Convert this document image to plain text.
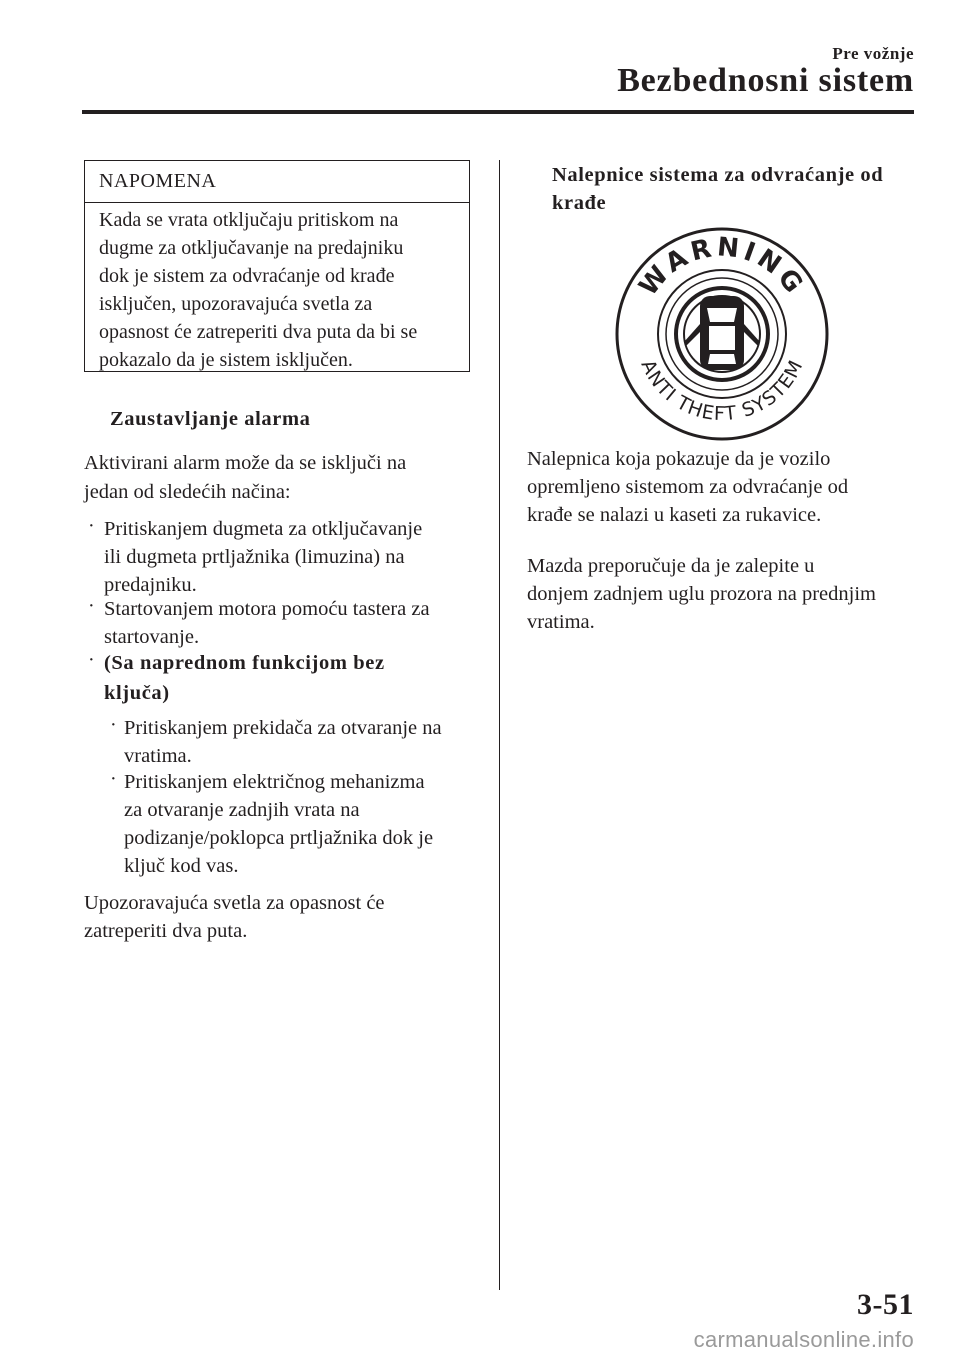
Pre vožnje
Bezbednosni sistem
NAPOMENA
Kada se vrata otključaju pritiskom na
dugme za otključavanje na predajniku
dok je sistem za odvraćanje od krađe
isključen, upozoravajuća svetla za
opasnost će zatreperiti dva puta da bi se
pokazalo da je sistem isključen.
Zaustavljanje alarma
Aktivirani alarm može da se isključi na
jedan od sledećih načina:
· Pritiskanjem dugmeta za otključavanje
ili dugmeta prtljažnika (limuzina) na
predajniku.
· Startovanjem motora pomoću tastera za
startovanje.
· (Sa naprednom funkcijom bez
ključa)
· Pritiskanjem prekidača za otvaranje na
vratima.
· Pritiskanjem električnog mehanizma
za otvaranje zadnjih vrata na
podizanje/poklopca prtljažnika dok je
ključ kod vas.
Upozoravajuća svetla za opasnost će
zatreperiti dva puta.
Nalepnice sistema za odvraćanje od
krađe
WARNING
ANTI THEFT SYSTEM
Nalepnica koja pokazuje da je vozilo
opremljeno sistemom za odvraćanje od
krađe se nalazi u kaseti za rukavice.
Mazda preporučuje da je zalepite u
donjem zadnjem uglu prozora na prednjim
vratima.
3-51
carmanualsonline.info
